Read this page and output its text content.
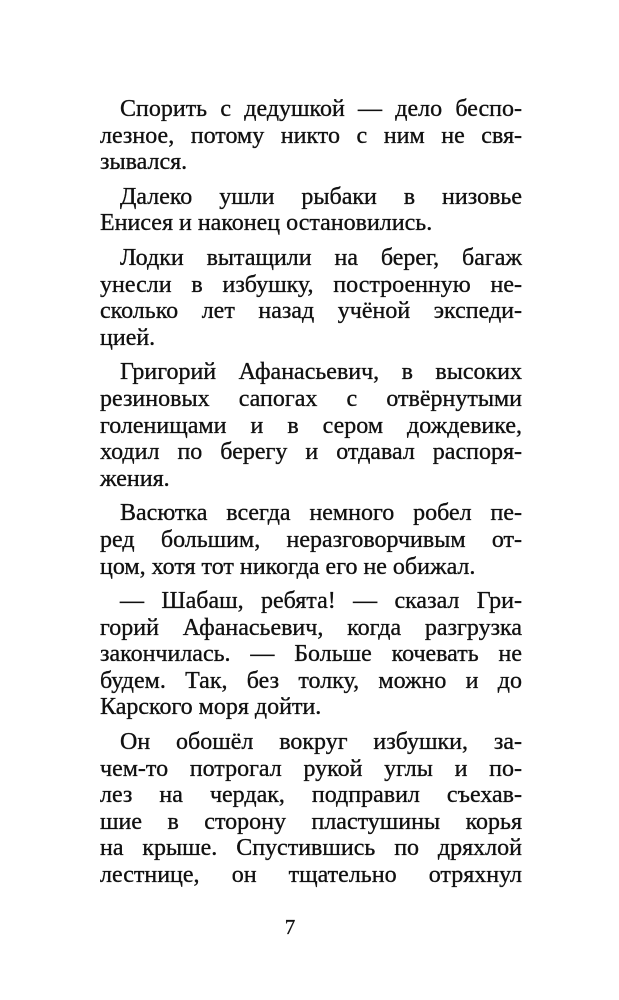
Спорить с дедушкой — дело беспо-
лезное, потому никто с ним не свя-
зывался.
Далеко ушли рыбаки в низовье
Енисея и наконец остановились.
Лодки вытащили на берег, багаж
унесли в избушку, построенную не-
сколько лет назад учёной экспеди-
цией.
Григорий Афанасьевич, в высоких
резиновых сапогах с отвёрнутыми
голенищами и в сером дождевике,
ходил по берегу и отдавал распоря-
жения.
Васютка всегда немного робел пе-
ред большим, неразговорчивым от-
цом, хотя тот никогда его не обижал.
— Шабаш, ребята! — сказал Гри-
горий Афанасьевич, когда разгрузка
закончилась. — Больше кочевать не
будем. Так, без толку, можно и до
Карского моря дойти.
Он обошёл вокруг избушки, за-
чем-то потрогал рукой углы и по-
лез на чердак, подправил съехав-
шие в сторону пластушины корья
на крыше. Спустившись по дряхлой
лестнице, он тщательно отряхнул
7
